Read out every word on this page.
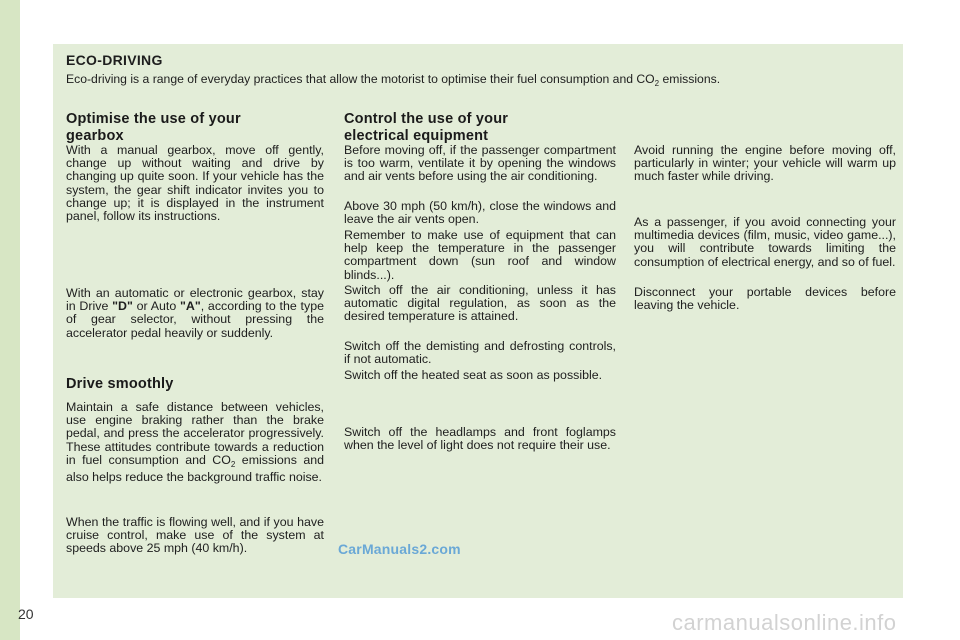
ECO-DRIVING
Eco-driving is a range of everyday practices that allow the motorist to optimise their fuel consumption and $CO_2$ emissions.
Optimise the use of your
gearbox

With a manual gearbox, move off gently, change up without waiting and drive by changing up quite soon. If your vehicle has the system, the gear shift indicator invites you to change up; it is displayed in the instrument panel, follow its instructions.

With an automatic or electronic gearbox, stay in Drive "D" or Auto "A", according to the type of gear selector, without pressing the accelerator pedal heavily or suddenly.

Drive smoothly

Maintain a safe distance between vehicles, use engine braking rather than the brake pedal, and press the accelerator progressively. These attitudes contribute towards a reduction in fuel consumption and $CO_2$ emissions and also helps reduce the background traffic noise.

When the traffic is flowing well, and if you have cruise control, make use of the system at speeds above 25 mph (40 km/h).

Control the use of your
electrical equipment

Before moving off, if the passenger compartment is too warm, ventilate it by opening the windows and air vents before using the air conditioning.

Above 30 mph (50 km/h), close the windows and leave the air vents open.

Remember to make use of equipment that can help keep the temperature in the passenger compartment down (sun roof and window blinds...).

Switch off the air conditioning, unless it has automatic digital regulation, as soon as the desired temperature is attained.

Switch off the demisting and defrosting controls, if not automatic.

Switch off the heated seat as soon as possible.

Switch off the headlamps and front foglamps when the level of light does not require their use.

Avoid running the engine before moving off, particularly in winter; your vehicle will warm up much faster while driving.

As a passenger, if you avoid connecting your multimedia devices (film, music, video game...), you will contribute towards limiting the consumption of electrical energy, and so of fuel.

Disconnect your portable devices before leaving the vehicle.

CarManuals2.com
20	carmanualsonline.info
